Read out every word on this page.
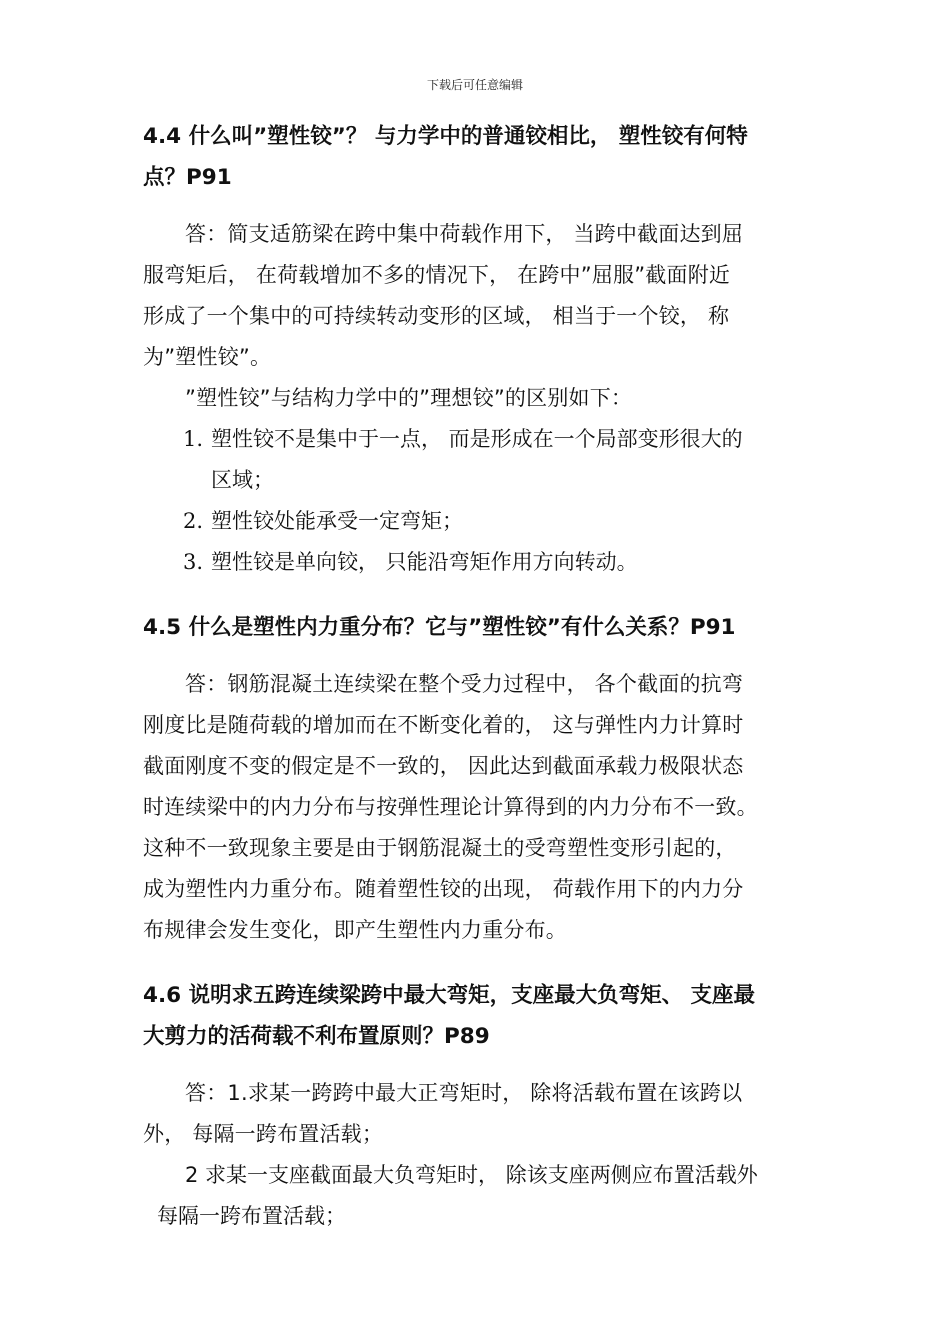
下载后可任意编辑

4.4 什么叫”塑性铰”？ 与力学中的普通铰相比， 塑性铰有何特

点？P91

答：简支适筋梁在跨中集中荷载作用下， 当跨中截面达到屈

服弯矩后， 在荷载增加不多的情况下， 在跨中”屈服”截面附近

形成了一个集中的可持续转动变形的区域， 相当于一个铰， 称

为”塑性铰”。

”塑性铰”与结构力学中的”理想铰”的区别如下：

1. 塑性铰不是集中于一点， 而是形成在一个局部变形很大的

区域；

2. 塑性铰处能承受一定弯矩；

3. 塑性铰是单向铰， 只能沿弯矩作用方向转动。

4.5 什么是塑性内力重分布？它与”塑性铰”有什么关系？P91

答：钢筋混凝土连续梁在整个受力过程中， 各个截面的抗弯

刚度比是随荷载的增加而在不断变化着的， 这与弹性内力计算时

截面刚度不变的假定是不一致的， 因此达到截面承载力极限状态

时连续梁中的内力分布与按弹性理论计算得到的内力分布不一致。

这种不一致现象主要是由于钢筋混凝土的受弯塑性变形引起的，

成为塑性内力重分布。随着塑性铰的出现， 荷载作用下的内力分

布规律会发生变化，即产生塑性内力重分布。

4.6 说明求五跨连续梁跨中最大弯矩，支座最大负弯矩、 支座最

大剪力的活荷载不利布置原则？P89

答：1.求某一跨跨中最大正弯矩时， 除将活载布置在该跨以

外， 每隔一跨布置活载；

2 求某一支座截面最大负弯矩时， 除该支座两侧应布置活载外

每隔一跨布置活载；
